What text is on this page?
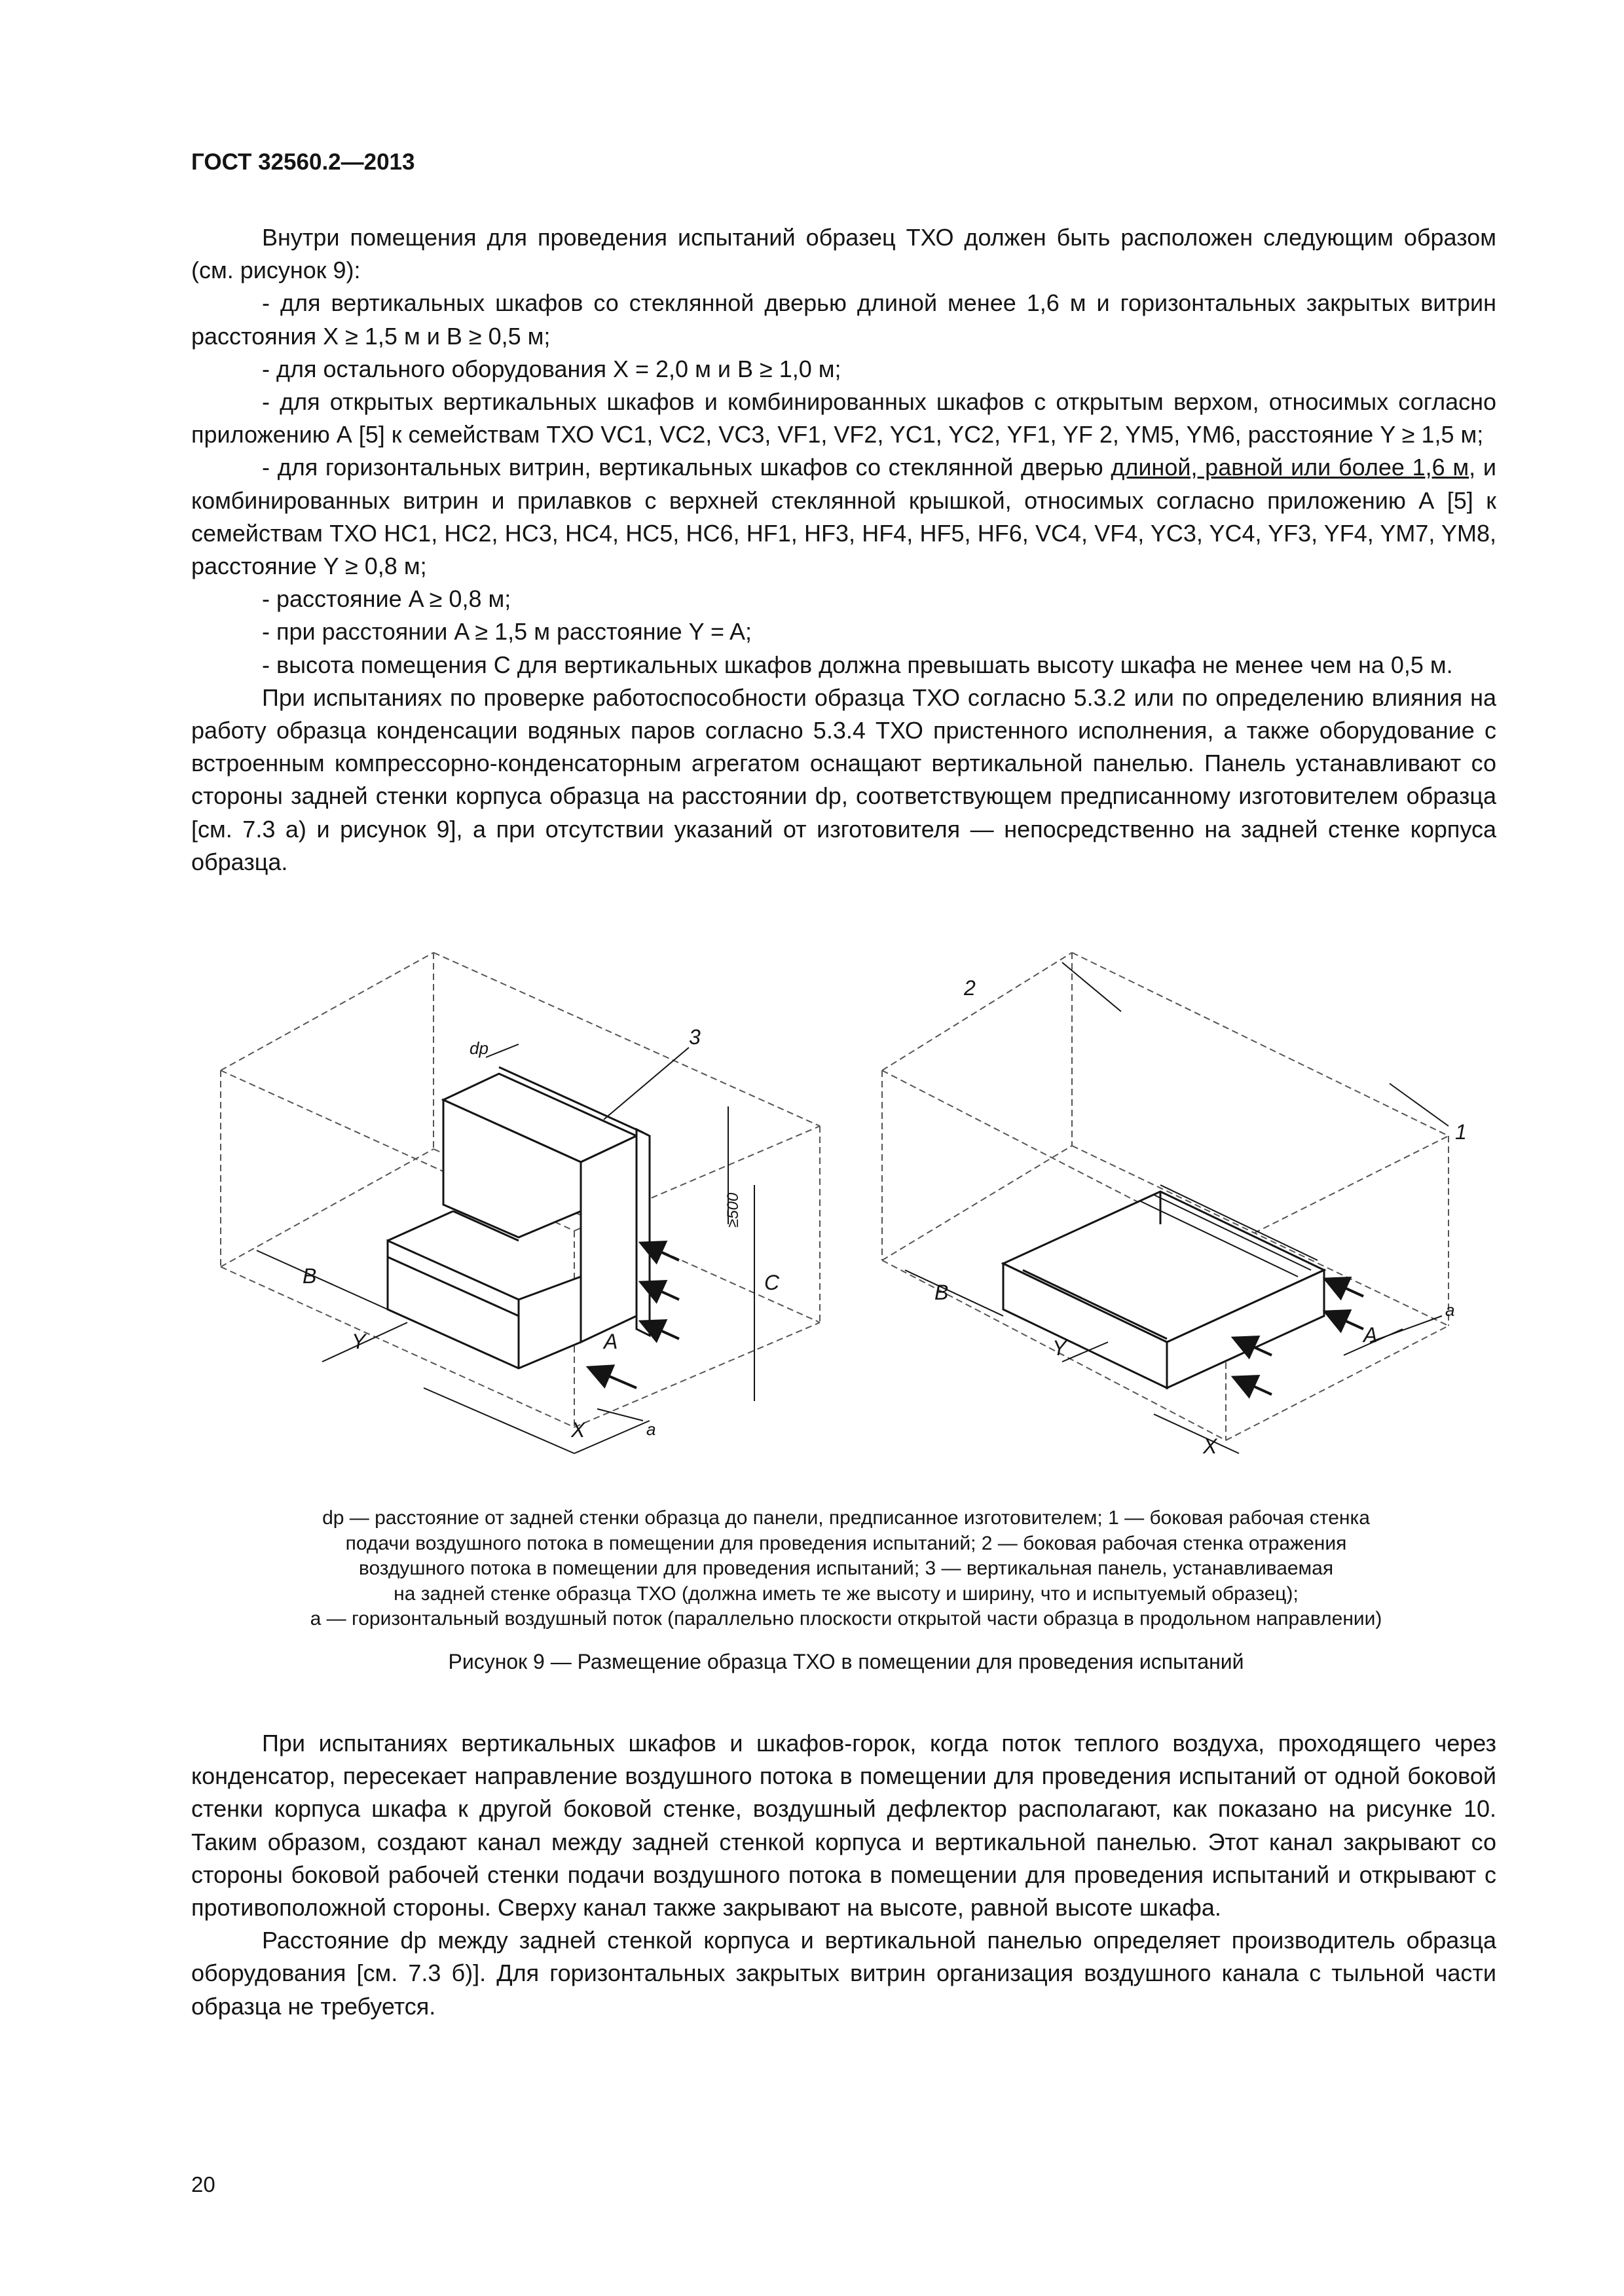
ГОСТ 32560.2—2013

Внутри помещения для проведения испытаний образец ТХО должен быть расположен следующим образом (см. рисунок 9):

- для вертикальных шкафов со стеклянной дверью длиной менее 1,6 м и горизонтальных закрытых витрин расстояния X ≥ 1,5 м и B ≥ 0,5 м;

- для остального оборудования X = 2,0 м и B ≥ 1,0 м;

- для открытых вертикальных шкафов и комбинированных шкафов с открытым верхом, относимых согласно приложению А [5] к семействам ТХО VC1, VC2, VC3, VF1, VF2, YC1, YC2, YF1, YF 2, YM5, YM6, расстояние Y ≥ 1,5 м;

- для горизонтальных витрин, вертикальных шкафов со стеклянной дверью длиной, равной или более 1,6 м, и комбинированных витрин и прилавков с верхней стеклянной крышкой, относимых согласно приложению А [5] к семействам ТХО HC1, HC2, HC3, HC4, HC5, HC6, HF1, HF3, HF4, HF5, HF6, VC4, VF4, YC3, YC4, YF3, YF4, YM7, YM8, расстояние Y ≥ 0,8 м;

- расстояние A ≥ 0,8 м;

- при расстоянии A ≥ 1,5 м расстояние Y = A;

- высота помещения C для вертикальных шкафов должна превышать высоту шкафа не менее чем на 0,5 м.

При испытаниях по проверке работоспособности образца ТХО согласно 5.3.2 или по определению влияния на работу образца конденсации водяных паров согласно 5.3.4 ТХО пристенного исполнения, а также оборудование с встроенным компрессорно-конденсаторным агрегатом оснащают вертикальной панелью. Панель устанавливают со стороны задней стенки корпуса образца на расстоянии dp, соответствующем предписанному изготовителем образца [см. 7.3 а) и рисунок 9], а при отсутствии указаний от изготовителя — непосредственно на задней стенке корпуса образца.

3
dp
≥500
C
B
Y	A
X	a
2
1
B
Y
A
X
a
dp — расстояние от задней стенки образца до панели, предписанное изготовителем; 1 — боковая рабочая стенка
подачи воздушного потока в помещении для проведения испытаний; 2 — боковая рабочая стенка отражения
воздушного потока в помещении для проведения испытаний; 3 — вертикальная панель, устанавливаемая
на задней стенке образца ТХО (должна иметь те же высоту и ширину, что и испытуемый образец);
a — горизонтальный воздушный поток (параллельно плоскости открытой части образца в продольном направлении)
Рисунок 9 — Размещение образца ТХО в помещении для проведения испытаний

При испытаниях вертикальных шкафов и шкафов-горок, когда поток теплого воздуха, проходящего через конденсатор, пересекает направление воздушного потока в помещении для проведения испытаний от одной боковой стенки корпуса шкафа к другой боковой стенке, воздушный дефлектор располагают, как показано на рисунке 10. Таким образом, создают канал между задней стенкой корпуса и вертикальной панелью. Этот канал закрывают со стороны боковой рабочей стенки подачи воздушного потока в помещении для проведения испытаний и открывают с противоположной стороны. Сверху канал также закрывают на высоте, равной высоте шкафа.

Расстояние dp между задней стенкой корпуса и вертикальной панелью определяет производитель образца оборудования [см. 7.3 б)]. Для горизонтальных закрытых витрин организация воздушного канала с тыльной части образца не требуется.

20
